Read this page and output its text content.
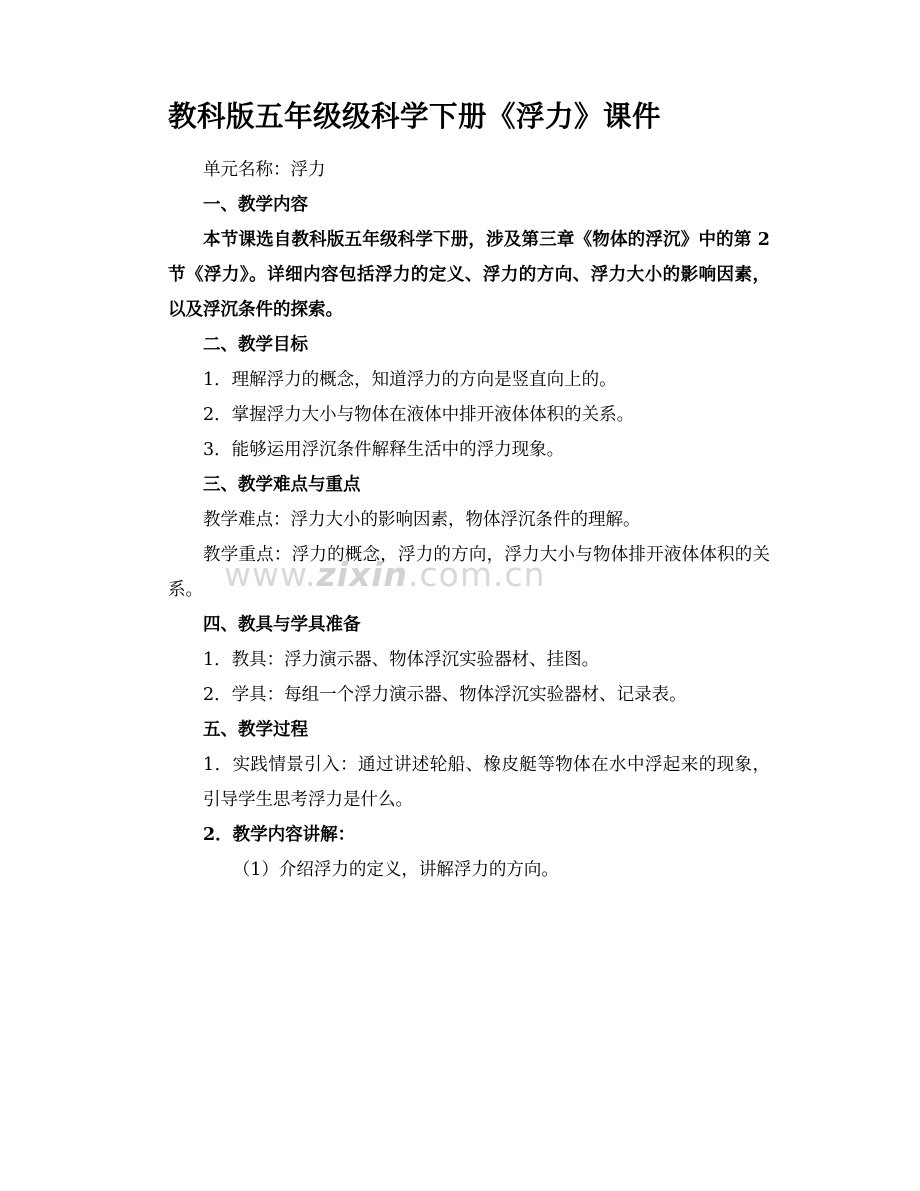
教科版五年级级科学下册《浮力》课件

单元名称：浮力

一、教学内容

本节课选自教科版五年级科学下册，涉及第三章《物体的浮沉》中的第 2 节《浮力》。详细内容包括浮力的定义、浮力的方向、浮力大小的影响因素，以及浮沉条件的探索。

二、教学目标

1．理解浮力的概念，知道浮力的方向是竖直向上的。

2．掌握浮力大小与物体在液体中排开液体体积的关系。

3．能够运用浮沉条件解释生活中的浮力现象。

三、教学难点与重点

教学难点：浮力大小的影响因素，物体浮沉条件的理解。

教学重点：浮力的概念，浮力的方向，浮力大小与物体排开液体体积的关系。

四、教具与学具准备

1．教具：浮力演示器、物体浮沉实验器材、挂图。

2．学具：每组一个浮力演示器、物体浮沉实验器材、记录表。

五、教学过程

1．实践情景引入：通过讲述轮船、橡皮艇等物体在水中浮起来的现象，引导学生思考浮力是什么。

2．教学内容讲解：

（1）介绍浮力的定义，讲解浮力的方向。

www.zixin.com.cn
